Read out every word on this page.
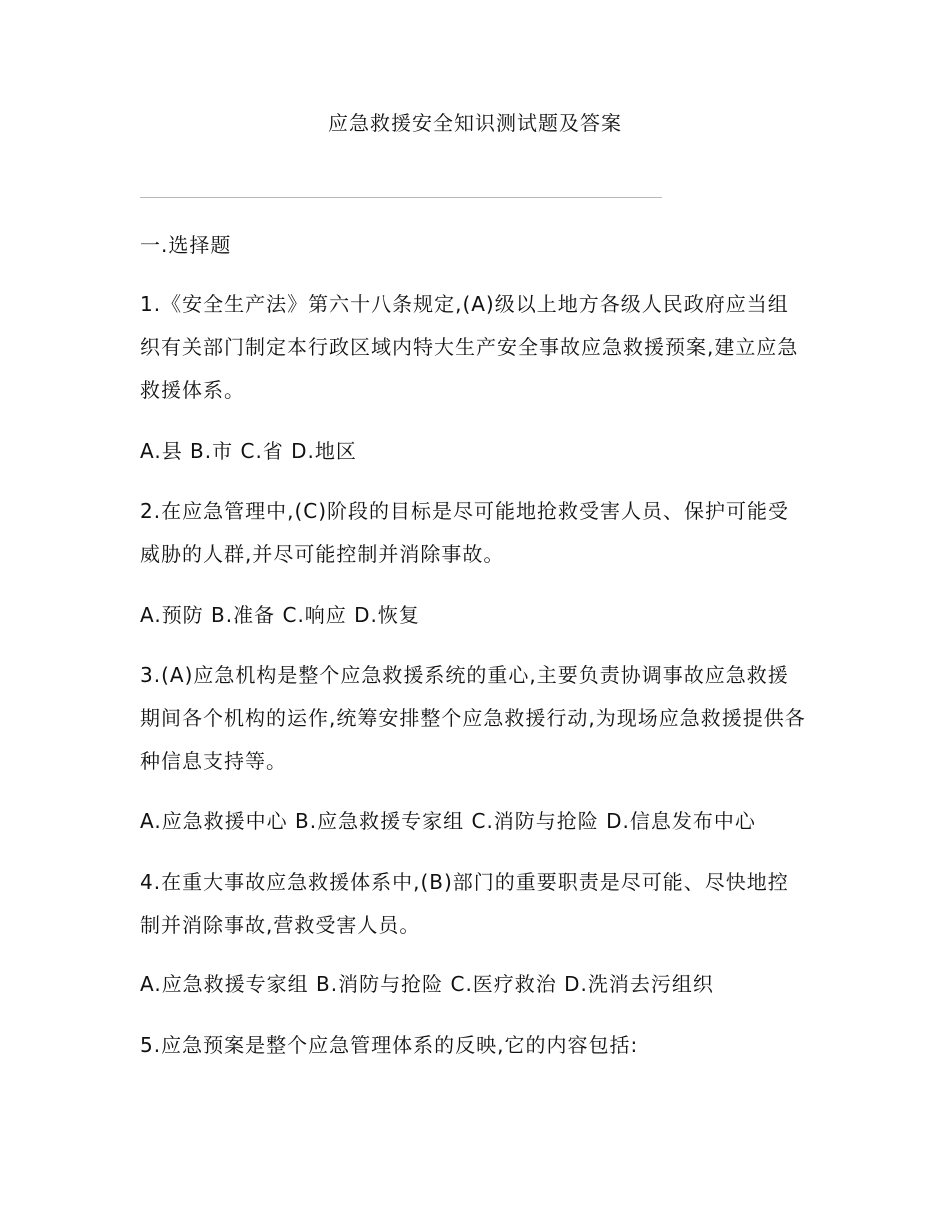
应急救援安全知识测试题及答案

一.选择题

1.《安全生产法》第六十八条规定,(A)级以上地方各级人民政府应当组织有关部门制定本行政区域内特大生产安全事故应急救援预案,建立应急救援体系。

A.县 B.市 C.省 D.地区

2.在应急管理中,(C)阶段的目标是尽可能地抢救受害人员、保护可能受威胁的人群,并尽可能控制并消除事故。

A.预防 B.准备 C.响应 D.恢复

3.(A)应急机构是整个应急救援系统的重心,主要负责协调事故应急救援期间各个机构的运作,统筹安排整个应急救援行动,为现场应急救援提供各种信息支持等。

A.应急救援中心 B.应急救援专家组 C.消防与抢险 D.信息发布中心

4.在重大事故应急救援体系中,(B)部门的重要职责是尽可能、尽快地控制并消除事故,营救受害人员。

A.应急救援专家组 B.消防与抢险 C.医疗救治 D.洗消去污组织

5.应急预案是整个应急管理体系的反映,它的内容包括:
